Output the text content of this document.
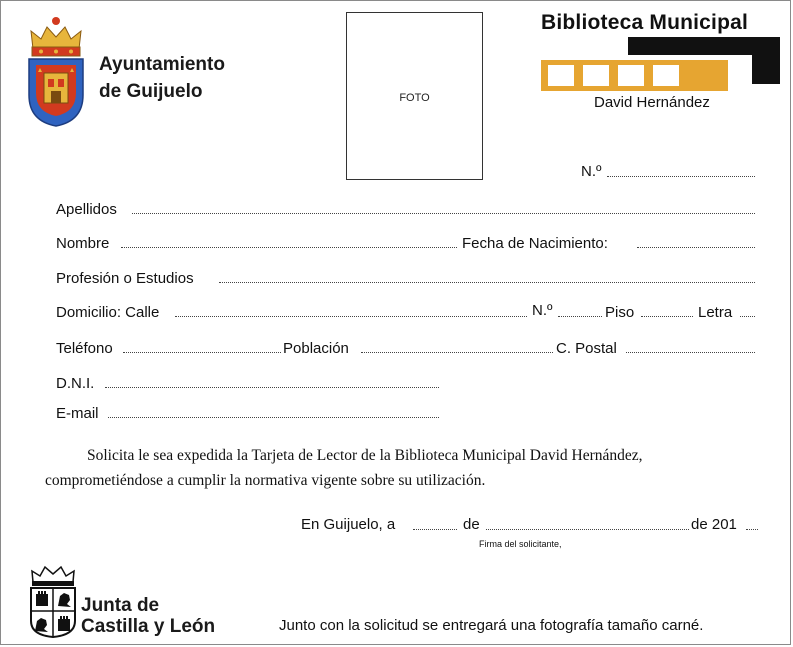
Ayuntamiento
de Guijuelo	FOTO
Biblioteca Municipal
David Hernández
N.º
Apellidos
Nombre	Fecha de Nacimiento:
Profesión o Estudios
Domicilio: Calle	N.º	Piso	Letra
Teléfono	Población	C. Postal
D.N.I.
E-mail

Solicita le sea expedida la Tarjeta de Lector de la Biblioteca Municipal David Hernández,

comprometiéndose a cumplir la normativa vigente sobre su utilización.

En Guijuelo, a	de	de 201
Firma del solicitante,
Junta de
Castilla y León	Junto con la solicitud se entregará una fotografía tamaño carné.
